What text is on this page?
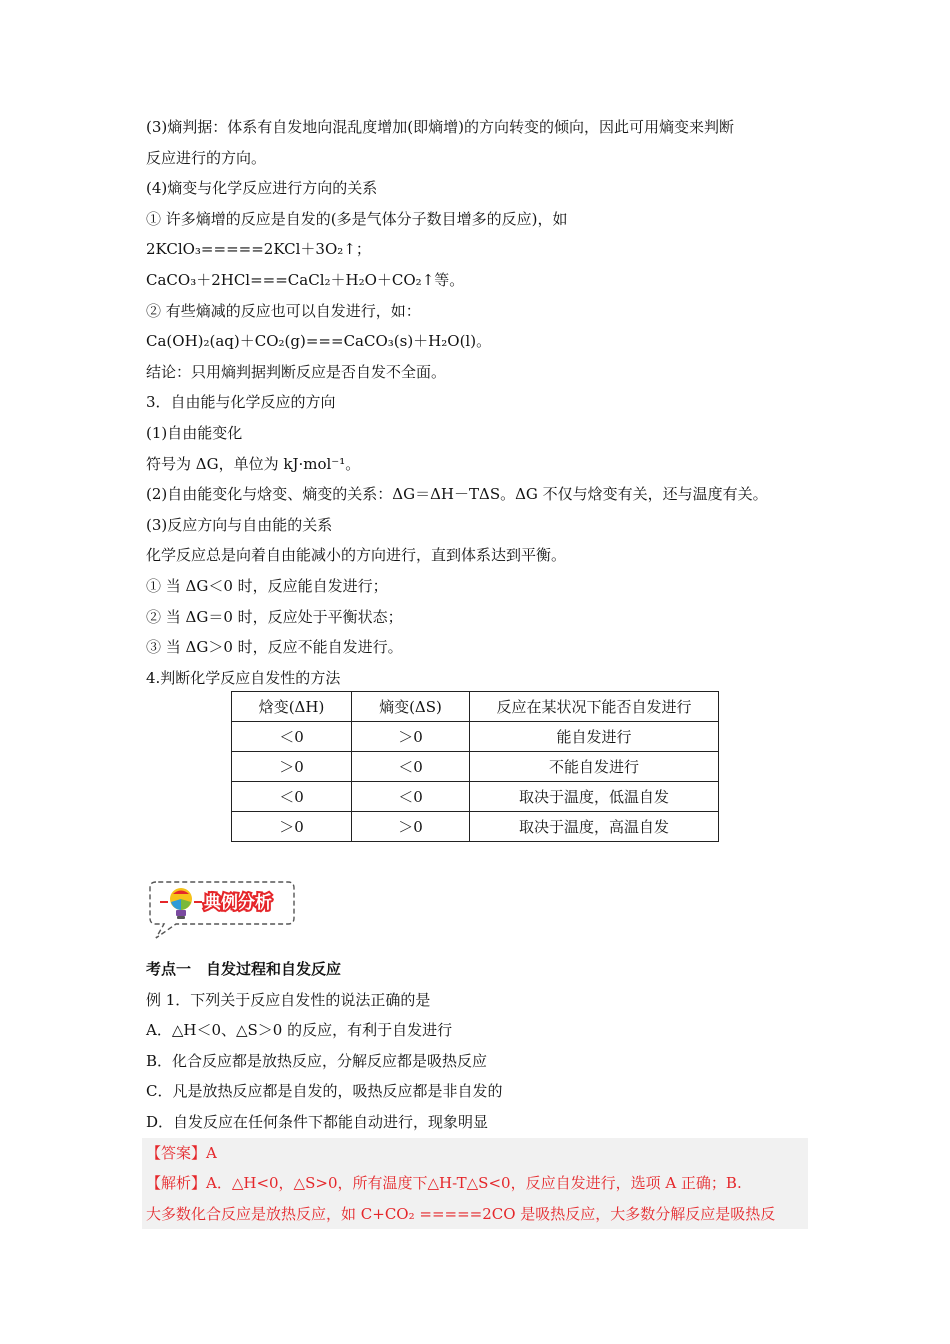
(3)熵判据：体系有自发地向混乱度增加(即熵增)的方向转变的倾向，因此可用熵变来判断
反应进行的方向。
(4)熵变与化学反应进行方向的关系
① 许多熵增的反应是自发的(多是气体分子数目增多的反应)，如
2KClO₃=====2KCl＋3O₂↑；
CaCO₃＋2HCl===CaCl₂＋H₂O＋CO₂↑等。
② 有些熵减的反应也可以自发进行，如：
Ca(OH)₂(aq)＋CO₂(g)===CaCO₃(s)＋H₂O(l)。
结论：只用熵判据判断反应是否自发不全面。
3．自由能与化学反应的方向
(1)自由能变化
符号为 ΔG，单位为 kJ·mol⁻¹。
(2)自由能变化与焓变、熵变的关系：ΔG＝ΔH－TΔS。ΔG 不仅与焓变有关，还与温度有关。
(3)反应方向与自由能的关系
化学反应总是向着自由能减小的方向进行，直到体系达到平衡。
① 当 ΔG＜0 时，反应能自发进行；
② 当 ΔG＝0 时，反应处于平衡状态；
③ 当 ΔG＞0 时，反应不能自发进行。
4.判断化学反应自发性的方法
焓变(ΔH)	熵变(ΔS)	反应在某状况下能否自发进行
＜0	＞0	能自发进行
＞0	＜0	不能自发进行
＜0	＜0	取决于温度，低温自发
＞0	＞0	取决于温度，高温自发
典例分析
考点一　自发过程和自发反应
例 1．下列关于反应自发性的说法正确的是
A．△H＜0、△S＞0 的反应，有利于自发进行
B．化合反应都是放热反应，分解反应都是吸热反应
C．凡是放热反应都是自发的，吸热反应都是非自发的
D．自发反应在任何条件下都能自动进行，现象明显
【答案】A
【解析】A．△H<0，△S>0，所有温度下△H-T△S<0，反应自发进行，选项 A 正确；B.
大多数化合反应是放热反应，如 C+CO₂ =====2CO 是吸热反应，大多数分解反应是吸热反
